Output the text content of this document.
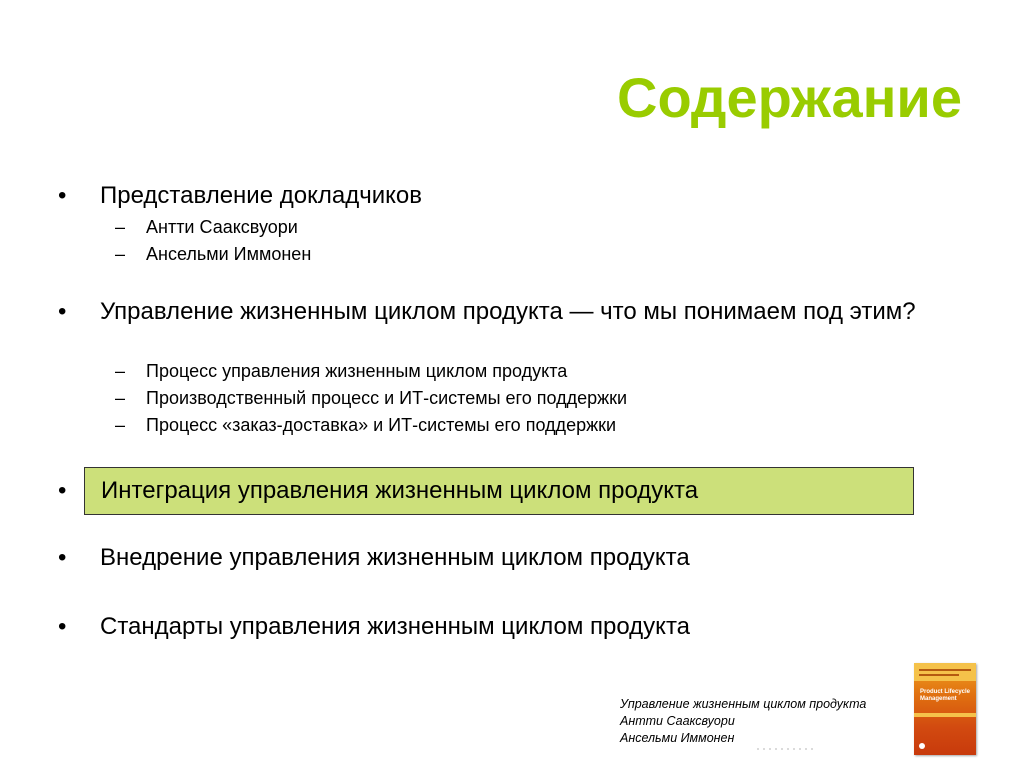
Содержание
• Представление докладчиков
– Антти Сааксвуори
– Ансельми Иммонен
• Управление жизненным циклом продукта — что мы понимаем под этим?
– Процесс управления жизненным циклом продукта
– Производственный процесс и ИТ-системы его поддержки
– Процесс «заказ-доставка» и ИТ-системы его поддержки
• Интеграция управления жизненным циклом продукта
• Внедрение управления жизненным циклом продукта
• Стандарты управления жизненным циклом продукта
Управление жизненным циклом продукта
Антти Сааксвуори
Ансельми Иммонен
Product Lifecycle Management
